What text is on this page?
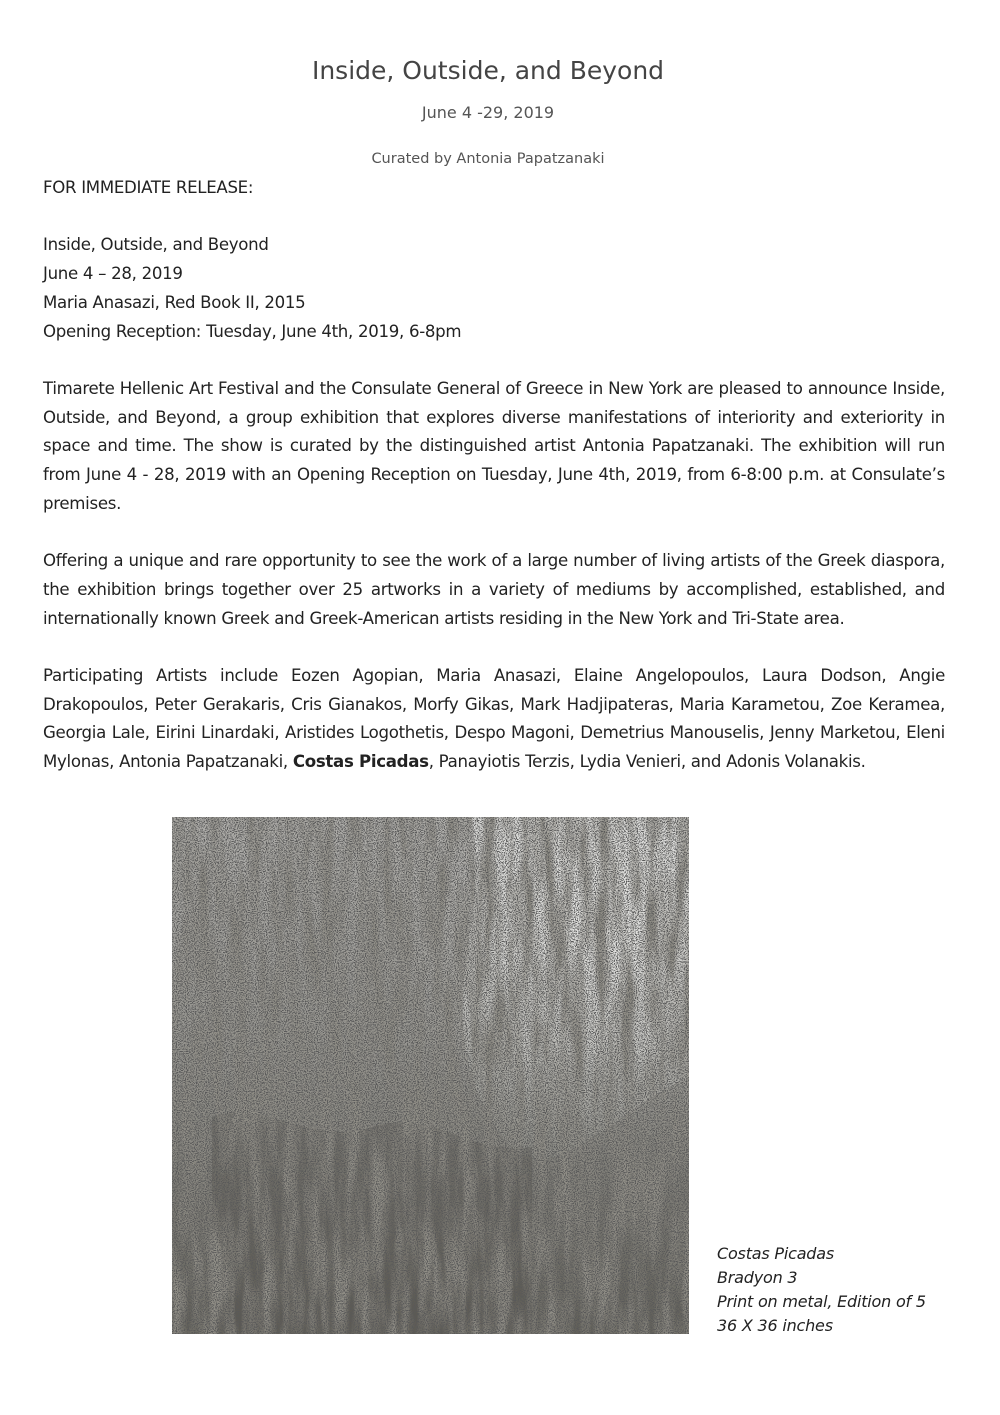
Inside, Outside, and Beyond
June 4 -29, 2019
Curated by Antonia Papatzanaki

FOR IMMEDIATE RELEASE:

Inside, Outside, and Beyond

June 4 – 28, 2019

Maria Anasazi, Red Book II, 2015

Opening Reception: Tuesday, June 4th, 2019, 6-8pm

Timarete Hellenic Art Festival and the Consulate General of Greece in New York are pleased to announce Inside, Outside, and Beyond, a group exhibition that explores diverse manifestations of interiority and exteriority in space and time. The show is curated by the distinguished artist Antonia Papatzanaki. The exhibition will run from June 4 - 28, 2019 with an Opening Reception on Tuesday, June 4th, 2019, from 6-8:00 p.m. at Consulate’s premises.

Offering a unique and rare opportunity to see the work of a large number of living artists of the Greek diaspora, the exhibition brings together over 25 artworks in a variety of mediums by accomplished, established, and internationally known Greek and Greek-American artists residing in the New York and Tri-State area.

Participating Artists include Eozen Agopian, Maria Anasazi, Elaine Angelopoulos, Laura Dodson, Angie Drakopoulos, Peter Gerakaris, Cris Gianakos, Morfy Gikas, Mark Hadjipateras, Maria Karametou, Zoe Keramea, Georgia Lale, Eirini Linardaki, Aristides Logothetis, Despo Magoni, Demetrius Manouselis, Jenny Marketou, Eleni Mylonas, Antonia Papatzanaki, Costas Picadas, Panayiotis Terzis, Lydia Venieri, and Adonis Volanakis.

Costas Picadas
Bradyon 3
Print on metal, Edition of 5
36 X 36 inches
